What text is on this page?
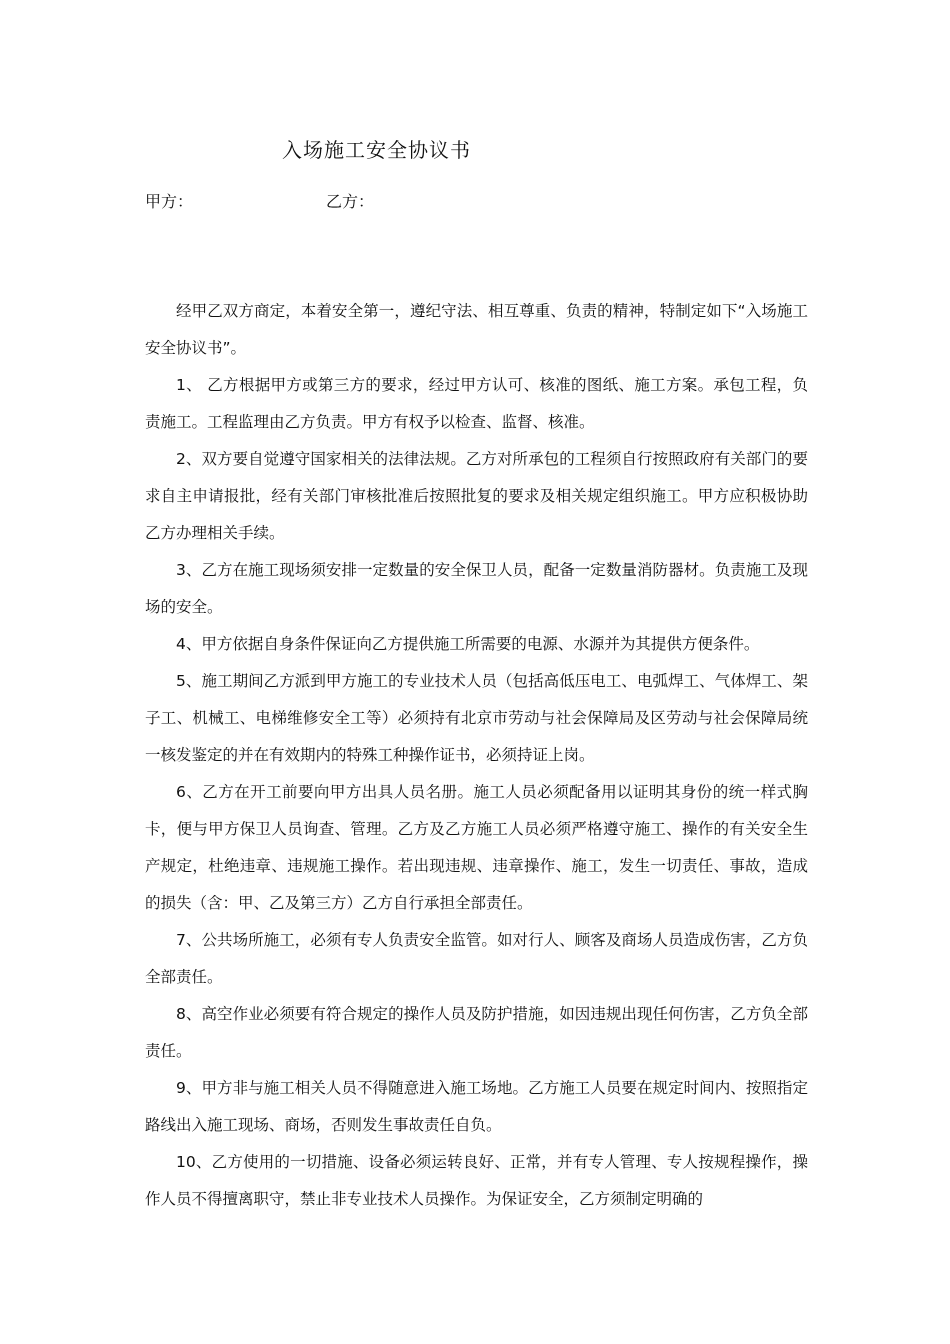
入场施工安全协议书
甲方：	乙方：

经甲乙双方商定，本着安全第一，遵纪守法、相互尊重、负责的精神，特制定如下“入场施工安全协议书”。

1、 乙方根据甲方或第三方的要求，经过甲方认可、核准的图纸、施工方案。承包工程，负责施工。工程监理由乙方负责。甲方有权予以检查、监督、核准。

2、双方要自觉遵守国家相关的法律法规。乙方对所承包的工程须自行按照政府有关部门的要求自主申请报批，经有关部门审核批准后按照批复的要求及相关规定组织施工。甲方应积极协助乙方办理相关手续。

3、乙方在施工现场须安排一定数量的安全保卫人员，配备一定数量消防器材。负责施工及现场的安全。

4、甲方依据自身条件保证向乙方提供施工所需要的电源、水源并为其提供方便条件。

5、施工期间乙方派到甲方施工的专业技术人员（包括高低压电工、电弧焊工、气体焊工、架子工、机械工、电梯维修安全工等）必须持有北京市劳动与社会保障局及区劳动与社会保障局统一核发鉴定的并在有效期内的特殊工种操作证书，必须持证上岗。

6、乙方在开工前要向甲方出具人员名册。施工人员必须配备用以证明其身份的统一样式胸卡，便与甲方保卫人员询查、管理。乙方及乙方施工人员必须严格遵守施工、操作的有关安全生产规定，杜绝违章、违规施工操作。若出现违规、违章操作、施工，发生一切责任、事故，造成的损失（含：甲、乙及第三方）乙方自行承担全部责任。

7、公共场所施工，必须有专人负责安全监管。如对行人、顾客及商场人员造成伤害，乙方负全部责任。

8、高空作业必须要有符合规定的操作人员及防护措施，如因违规出现任何伤害，乙方负全部责任。

9、甲方非与施工相关人员不得随意进入施工场地。乙方施工人员要在规定时间内、按照指定路线出入施工现场、商场，否则发生事故责任自负。

10、乙方使用的一切措施、设备必须运转良好、正常，并有专人管理、专人按规程操作，操作人员不得擅离职守，禁止非专业技术人员操作。为保证安全，乙方须制定明确的
